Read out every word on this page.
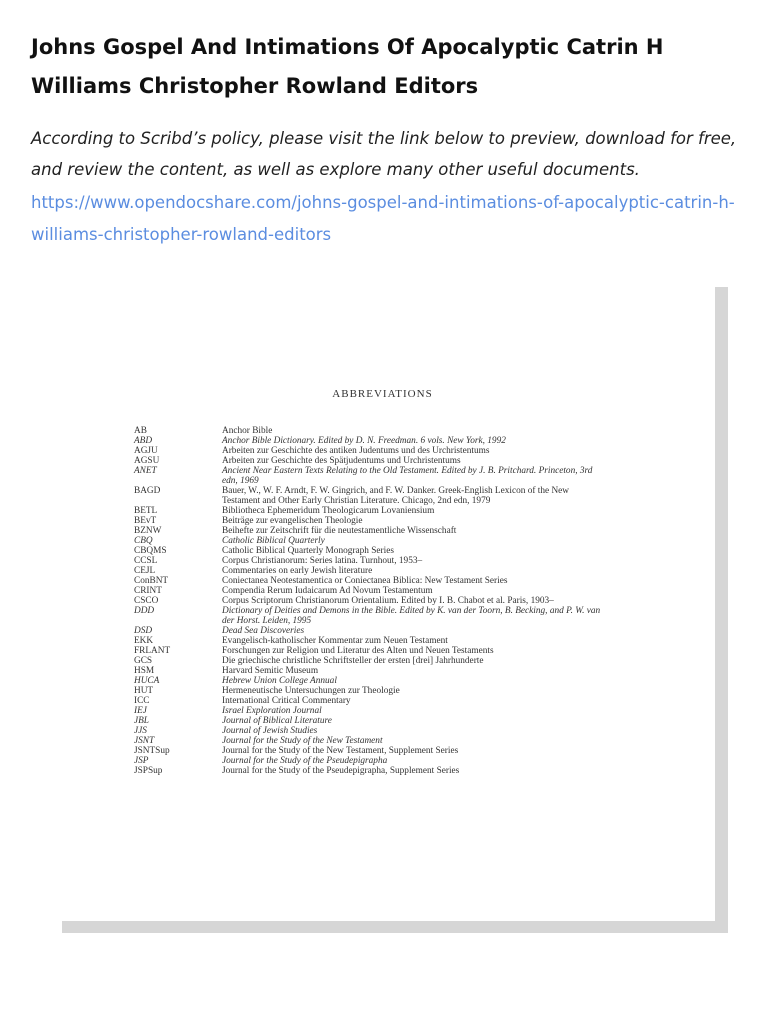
Johns Gospel And Intimations Of Apocalyptic Catrin H Williams Christopher Rowland Editors

According to Scribd’s policy, please visit the link below to preview, download for free, and review the content, as well as explore many other useful documents.

https://www.opendocshare.com/johns-gospel-and-intimations-of-apocalyptic-catrin-h-williams-christopher-rowland-editors
ABBREVIATIONS
AB	Anchor Bible
ABD	Anchor Bible Dictionary. Edited by D. N. Freedman. 6 vols. New York, 1992
AGJU	Arbeiten zur Geschichte des antiken Judentums und des Urchristentums
AGSU	Arbeiten zur Geschichte des Spätjudentums und Urchristentums
ANET	Ancient Near Eastern Texts Relating to the Old Testament. Edited by J. B. Pritchard. Princeton, 3rd edn, 1969
BAGD	Bauer, W., W. F. Arndt, F. W. Gingrich, and F. W. Danker. Greek-English Lexicon of the New Testament and Other Early Christian Literature. Chicago, 2nd edn, 1979
BETL	Bibliotheca Ephemeridum Theologicarum Lovaniensium
BEvT	Beiträge zur evangelischen Theologie
BZNW	Beihefte zur Zeitschrift für die neutestamentliche Wissenschaft
CBQ	Catholic Biblical Quarterly
CBQMS	Catholic Biblical Quarterly Monograph Series
CCSL	Corpus Christianorum: Series latina. Turnhout, 1953–
CEJL	Commentaries on early Jewish literature
ConBNT	Coniectanea Neotestamentica or Coniectanea Biblica: New Testament Series
CRINT	Compendia Rerum Iudaicarum Ad Novum Testamentum
CSCO	Corpus Scriptorum Christianorum Orientalium. Edited by I. B. Chabot et al. Paris, 1903–
DDD	Dictionary of Deities and Demons in the Bible. Edited by K. van der Toorn, B. Becking, and P. W. van der Horst. Leiden, 1995
DSD	Dead Sea Discoveries
EKK	Evangelisch-katholischer Kommentar zum Neuen Testament
FRLANT	Forschungen zur Religion und Literatur des Alten und Neuen Testaments
GCS	Die griechische christliche Schriftsteller der ersten [drei] Jahrhunderte
HSM	Harvard Semitic Museum
HUCA	Hebrew Union College Annual
HUT	Hermeneutische Untersuchungen zur Theologie
ICC	International Critical Commentary
IEJ	Israel Exploration Journal
JBL	Journal of Biblical Literature
JJS	Journal of Jewish Studies
JSNT	Journal for the Study of the New Testament
JSNTSup	Journal for the Study of the New Testament, Supplement Series
JSP	Journal for the Study of the Pseudepigrapha
JSPSup	Journal for the Study of the Pseudepigrapha, Supplement Series
